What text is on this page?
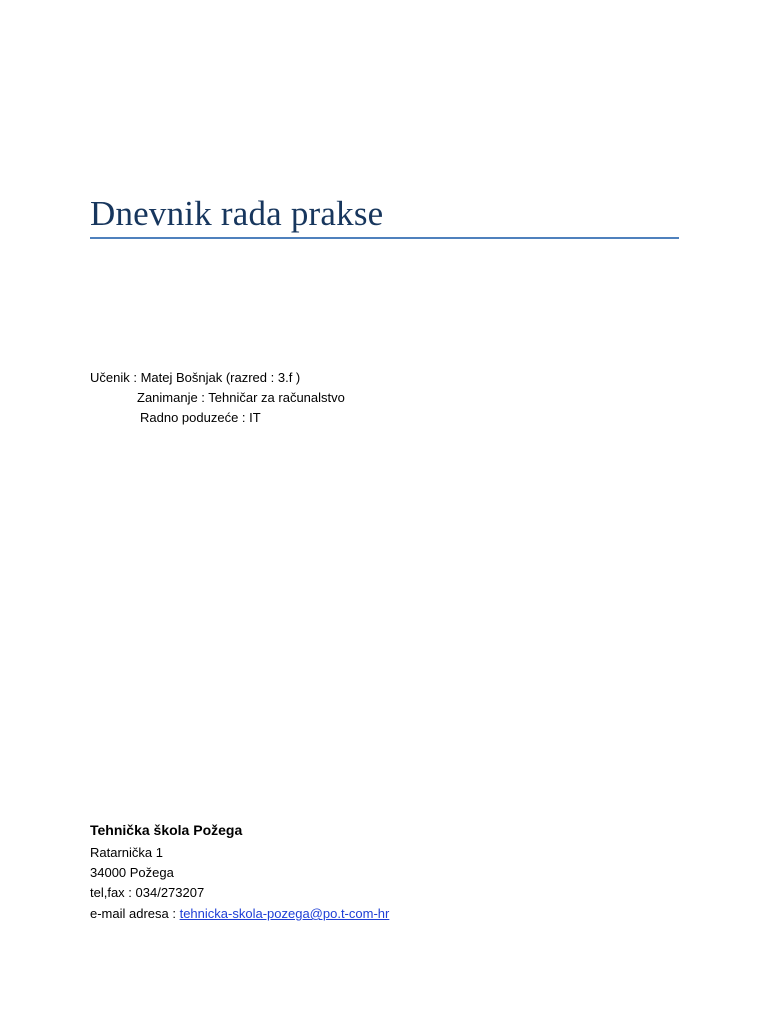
Dnevnik rada prakse

Učenik : Matej Bošnjak (razred : 3.f )

Zanimanje : Tehničar za računalstvo

Radno poduzeće : IT

Tehnička škola Požega

Ratarnička 1

34000 Požega

tel,fax : 034/273207

e-mail adresa : tehnicka-skola-pozega@po.t-com-hr
